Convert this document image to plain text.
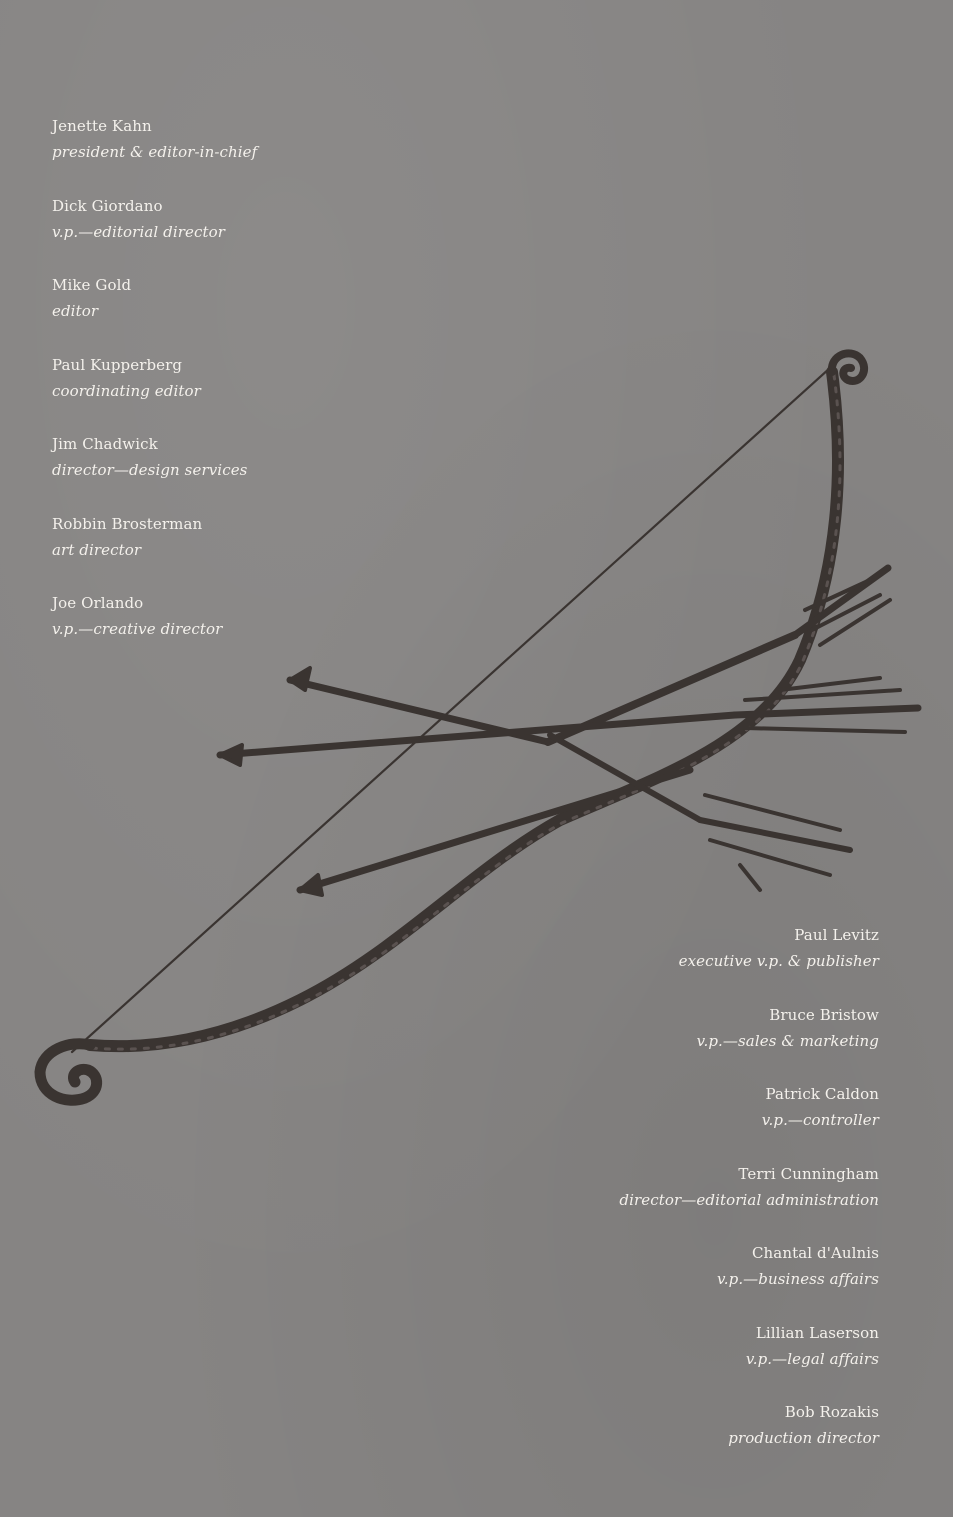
Jenette Kahn
president & editor-in-chief
Dick Giordano
v.p.—editorial director
Mike Gold
editor
Paul Kupperberg
coordinating editor
Jim Chadwick
director—design services
Robbin Brosterman
art director
Joe Orlando
v.p.—creative director
Paul Levitz
executive v.p. & publisher
Bruce Bristow
v.p.—sales & marketing
Patrick Caldon
v.p.—controller
Terri Cunningham
director—editorial administration
Chantal d'Aulnis
v.p.—business affairs
Lillian Laserson
v.p.—legal affairs
Bob Rozakis
production director
